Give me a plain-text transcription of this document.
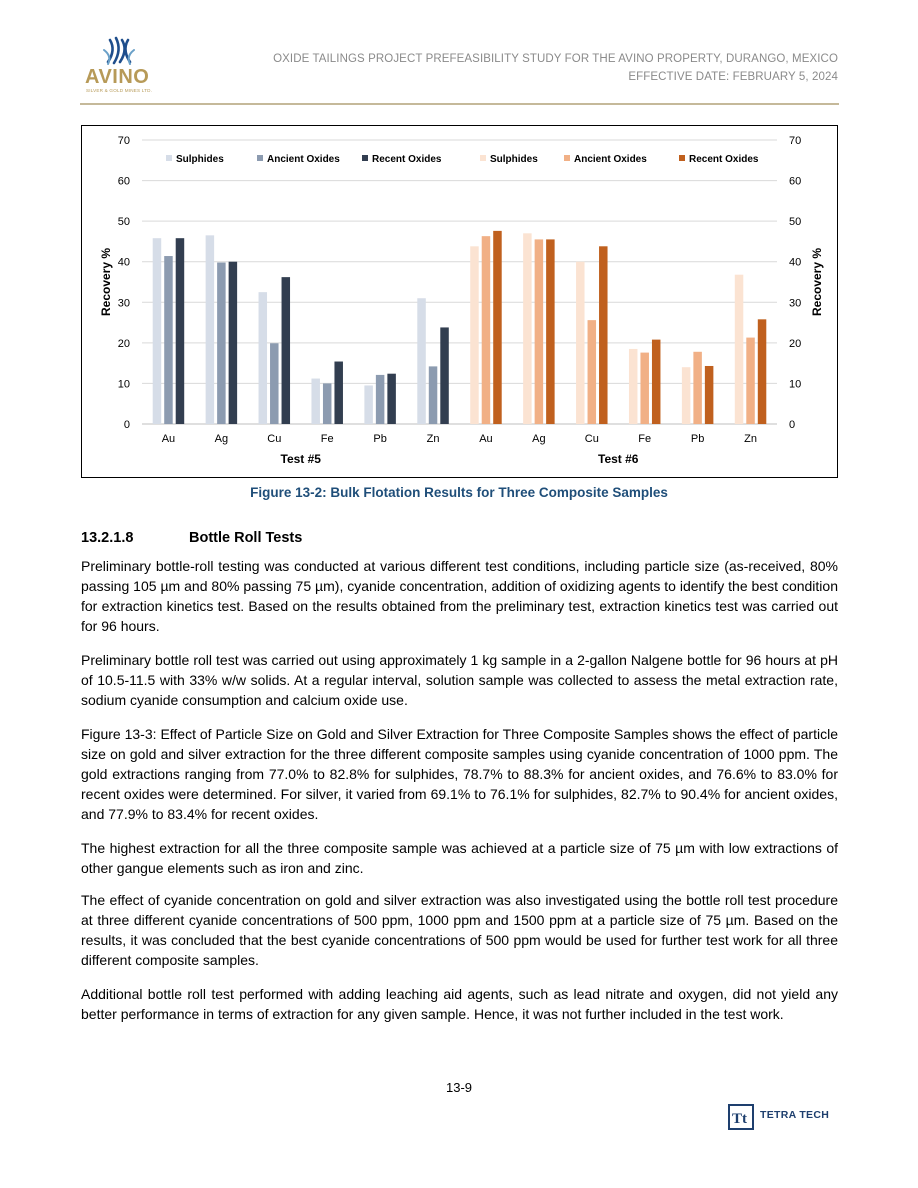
AVINO
SILVER & GOLD MINES LTD.
OXIDE TAILINGS PROJECT PREFEASIBILITY STUDY FOR THE AVINO PROPERTY, DURANGO, MEXICO
EFFECTIVE DATE: FEBRUARY 5, 2024
0	0
10	10
20	20
30	30
40	40
50	50
60	60
70	70
Recovery %	Recovery %
Au	Ag	Cu	Fe	Pb	Zn
Test #5
Au	Ag	Cu	Fe	Pb	Zn
Test #6
Sulphides	Ancient Oxides	Recent Oxides	Sulphides	Ancient Oxides	Recent Oxides
Figure 13-2: Bulk Flotation Results for Three Composite Samples
13.2.1.8	Bottle Roll Tests

Preliminary bottle-roll testing was conducted at various different test conditions, including particle size (as-received, 80% passing 105 µm and 80% passing 75 µm), cyanide concentration, addition of oxidizing agents to identify the best condition for extraction kinetics test. Based on the results obtained from the preliminary test, extraction kinetics test was carried out for 96 hours.

Preliminary bottle roll test was carried out using approximately 1 kg sample in a 2-gallon Nalgene bottle for 96 hours at pH of 10.5-11.5 with 33% w/w solids. At a regular interval, solution sample was collected to assess the metal extraction rate, sodium cyanide consumption and calcium oxide use.

Figure 13-3: Effect of Particle Size on Gold and Silver Extraction for Three Composite Samples shows the effect of particle size on gold and silver extraction for the three different composite samples using cyanide concentration of 1000 ppm. The gold extractions ranging from 77.0% to 82.8% for sulphides, 78.7% to 88.3% for ancient oxides, and 76.6% to 83.0% for recent oxides were determined. For silver, it varied from 69.1% to 76.1% for sulphides, 82.7% to 90.4% for ancient oxides, and 77.9% to 83.4% for recent oxides.

The highest extraction for all the three composite sample was achieved at a particle size of 75 µm with low extractions of other gangue elements such as iron and zinc.

The effect of cyanide concentration on gold and silver extraction was also investigated using the bottle roll test procedure at three different cyanide concentrations of 500 ppm, 1000 ppm and 1500 ppm at a particle size of 75 µm. Based on the results, it was concluded that the best cyanide concentrations of 500 ppm would be used for further test work for all three different composite samples.

Additional bottle roll test performed with adding leaching aid agents, such as lead nitrate and oxygen, did not yield any better performance in terms of extraction for any given sample. Hence, it was not further included in the test work.

13-9
Tt TETRA TECH
